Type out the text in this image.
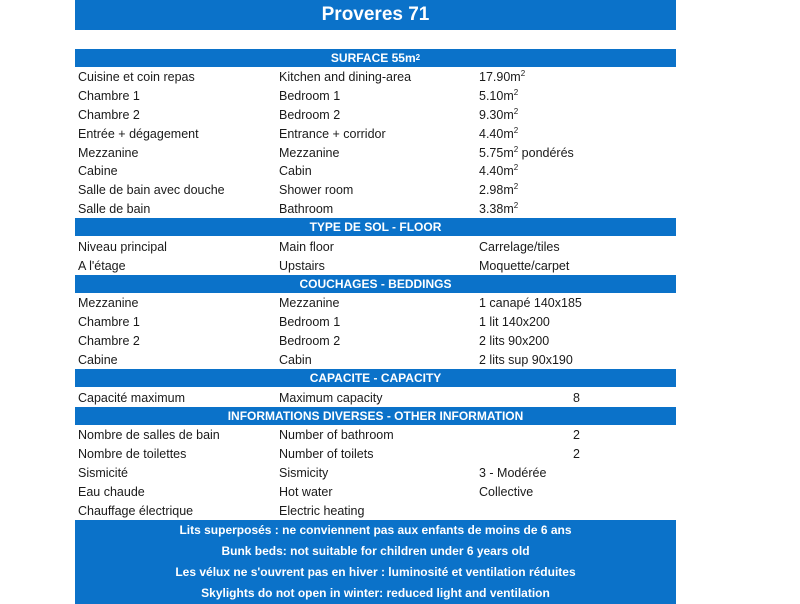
Proveres 71
SURFACE 55m 2
Cuisine et coin repas	Kitchen and dining-area	$17.90m^2$
Chambre 1	Bedroom 1	$5.10m^2$
Chambre 2	Bedroom 2	$9.30m^2$
Entrée + dégagement	Entrance + corridor	$4.40m^2$
Mezzanine	Mezzanine	$5.75m^2$ pondérés
Cabine	Cabin	$4.40m^2$
Salle de bain avec douche	Shower room	$2.98m^2$
Salle de bain	Bathroom	$3.38m^2$
TYPE DE SOL - FLOOR
Niveau principal	Main floor	Carrelage/tiles
A l'étage	Upstairs	Moquette/carpet
COUCHAGES - BEDDINGS
Mezzanine	Mezzanine	1 canapé 140x185
Chambre 1	Bedroom 1	1 lit 140x200
Chambre 2	Bedroom 2	2 lits 90x200
Cabine	Cabin	2 lits sup 90x190
CAPACITE - CAPACITY
Capacité maximum	Maximum capacity	8
INFORMATIONS DIVERSES - OTHER INFORMATION
Nombre de salles de bain	Number of bathroom	2
Nombre de toilettes	Number of toilets	2
Sismicité	Sismicity	3 - Modérée
Eau chaude	Hot water	Collective
Chauffage électrique	Electric heating
Lits superposés : ne conviennent pas aux enfants de moins de 6 ans
Bunk beds: not suitable for children under 6 years old
Les vélux ne s'ouvrent pas en hiver : luminosité et ventilation réduites
Skylights do not open in winter: reduced light and ventilation
